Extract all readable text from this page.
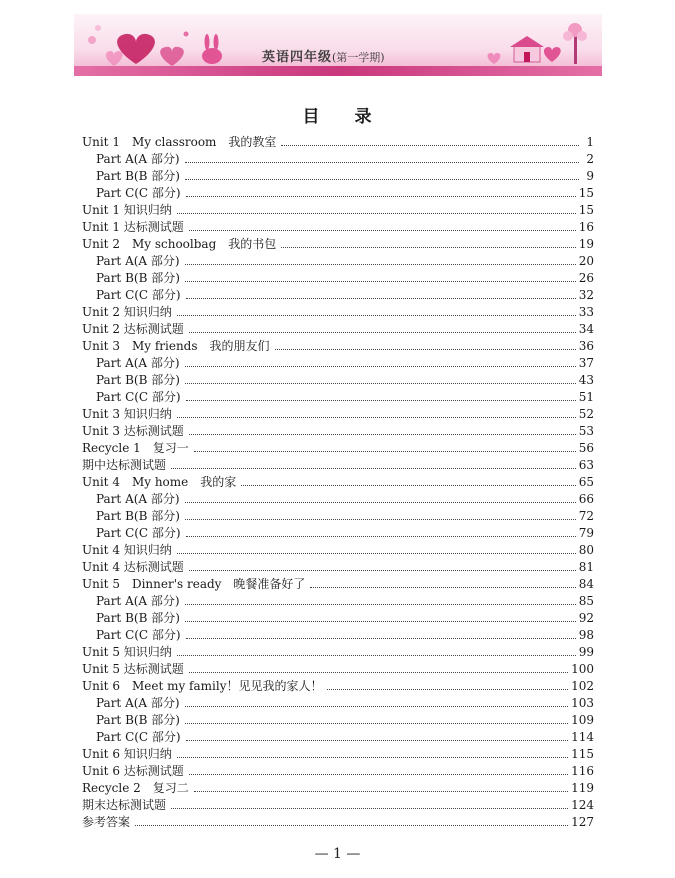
英语四年级(第一学期)
目 录
Unit 1　My classroom　我的教室	1
Part A(A 部分)	2
Part B(B 部分)	9
Part C(C 部分)	15
Unit 1 知识归纳	15
Unit 1 达标测试题	16
Unit 2　My schoolbag　我的书包	19
Part A(A 部分)	20
Part B(B 部分)	26
Part C(C 部分)	32
Unit 2 知识归纳	33
Unit 2 达标测试题	34
Unit 3　My friends　我的朋友们	36
Part A(A 部分)	37
Part B(B 部分)	43
Part C(C 部分)	51
Unit 3 知识归纳	52
Unit 3 达标测试题	53
Recycle 1　复习一	56
期中达标测试题	63
Unit 4　My home　我的家	65
Part A(A 部分)	66
Part B(B 部分)	72
Part C(C 部分)	79
Unit 4 知识归纳	80
Unit 4 达标测试题	81
Unit 5　Dinner's ready　晚餐准备好了	84
Part A(A 部分)	85
Part B(B 部分)	92
Part C(C 部分)	98
Unit 5 知识归纳	99
Unit 5 达标测试题	100
Unit 6　Meet my family！见见我的家人！	102
Part A(A 部分)	103
Part B(B 部分)	109
Part C(C 部分)	114
Unit 6 知识归纳	115
Unit 6 达标测试题	116
Recycle 2　复习二	119
期末达标测试题	124
参考答案	127
— 1 —
